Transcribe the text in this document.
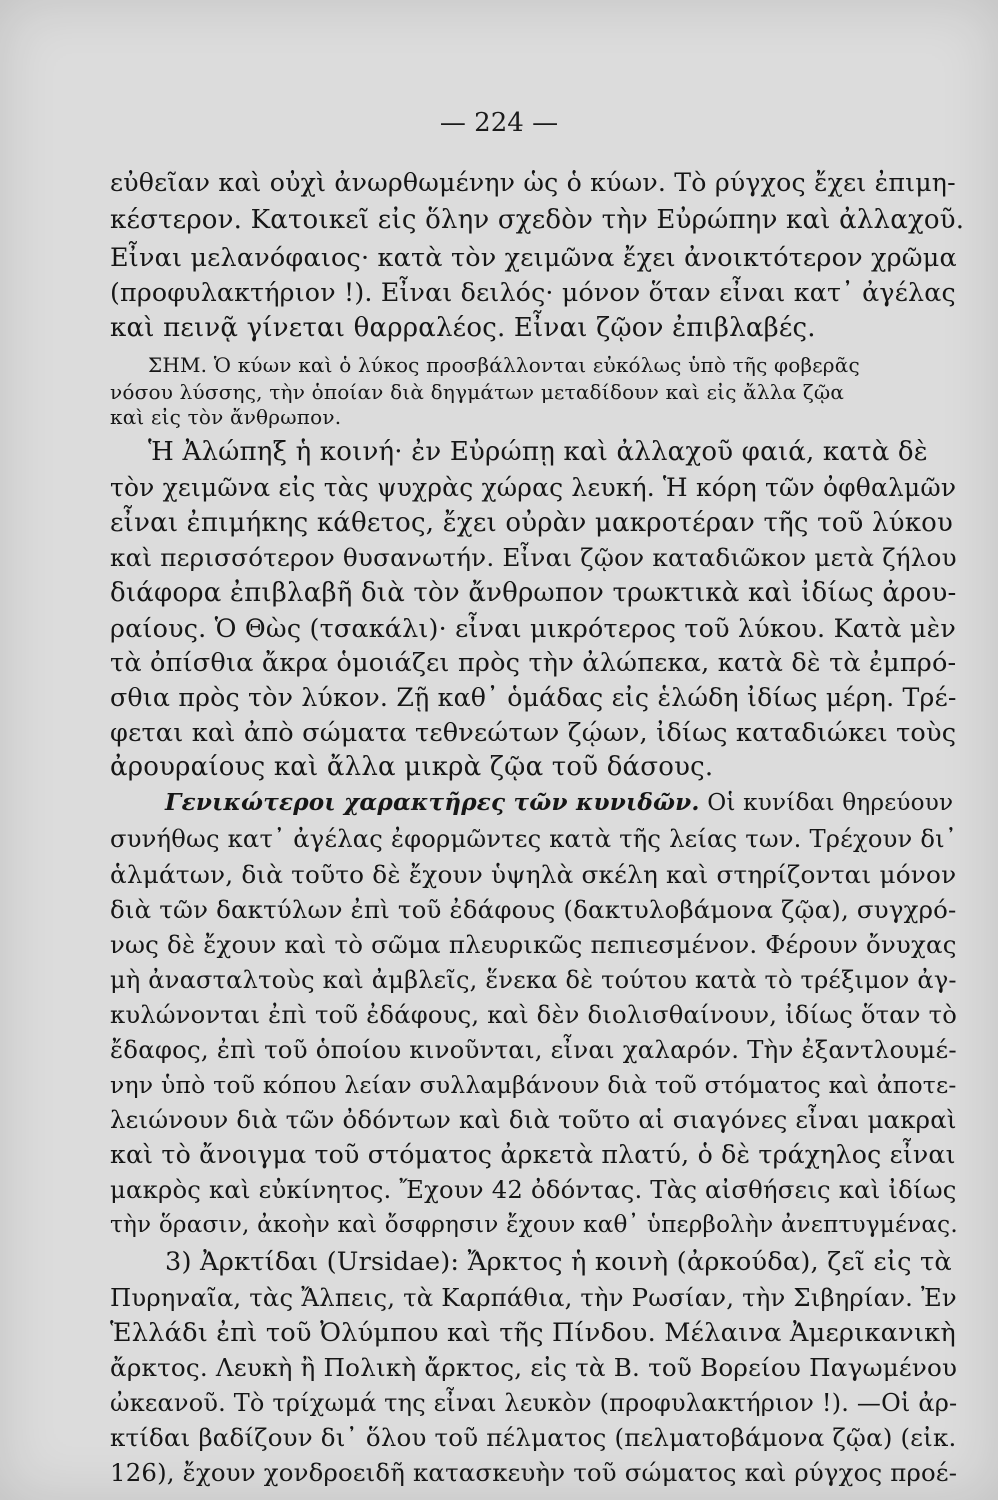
— 224 —
εὐθεῖαν καὶ οὐχὶ ἀνωρθωμένην ὡς ὁ κύων. Τὸ ρύγχος ἔχει ἐπιμη-
κέστερον. Κατοικεῖ εἰς ὅλην σχεδὸν τὴν Εὐρώπην καὶ ἀλλαχοῦ.
Εἶναι μελανόφαιος· κατὰ τὸν χειμῶνα ἔχει ἀνοικτότερον χρῶμα
(προφυλακτήριον !). Εἶναι δειλός· μόνον ὅταν εἶναι κατ᾿ ἀγέλας
καὶ πεινᾷ γίνεται θαρραλέος. Εἶναι ζῷον ἐπιβλαβές.
ΣΗΜ. Ὁ κύων καὶ ὁ λύκος προσβάλλονται εὐκόλως ὑπὸ τῆς φοβερᾶς
νόσου λύσσης, τὴν ὁποίαν διὰ δηγμάτων μεταδίδουν καὶ εἰς ἄλλα ζῷα
καὶ εἰς τὸν ἄνθρωπον.
Ἡ Ἀλώπηξ ἡ κοινή· ἐν Εὐρώπῃ καὶ ἀλλαχοῦ φαιά, κατὰ δὲ
τὸν χειμῶνα εἰς τὰς ψυχρὰς χώρας λευκή. Ἡ κόρη τῶν ὀφθαλμῶν
εἶναι ἐπιμήκης κάθετος, ἔχει οὐρὰν μακροτέραν τῆς τοῦ λύκου
καὶ περισσότερον θυσανωτήν. Εἶναι ζῷον καταδιῶκον μετὰ ζήλου
διάφορα ἐπιβλαβῆ διὰ τὸν ἄνθρωπον τρωκτικὰ καὶ ἰδίως ἀρου-
ραίους. Ὁ Θὼς (τσακάλι)· εἶναι μικρότερος τοῦ λύκου. Κατὰ μὲν
τὰ ὀπίσθια ἄκρα ὁμοιάζει πρὸς τὴν ἀλώπεκα, κατὰ δὲ τὰ ἐμπρό-
σθια πρὸς τὸν λύκον. Ζῇ καθ᾿ ὁμάδας εἰς ἑλώδη ἰδίως μέρη. Τρέ-
φεται καὶ ἀπὸ σώματα τεθνεώτων ζῴων, ἰδίως καταδιώκει τοὺς
ἀρουραίους καὶ ἄλλα μικρὰ ζῷα τοῦ δάσους.
Γενικώτεροι χαρακτῆρες τῶν κυνιδῶν. Οἱ κυνίδαι θηρεύουν
συνήθως κατ᾿ ἀγέλας ἐφορμῶντες κατὰ τῆς λείας των. Τρέχουν δι᾿
ἁλμάτων, διὰ τοῦτο δὲ ἔχουν ὑψηλὰ σκέλη καὶ στηρίζονται μόνον
διὰ τῶν δακτύλων ἐπὶ τοῦ ἐδάφους (δακτυλοβάμονα ζῷα), συγχρό-
νως δὲ ἔχουν καὶ τὸ σῶμα πλευρικῶς πεπιεσμένον. Φέρουν ὄνυχας
μὴ ἀνασταλτοὺς καὶ ἀμβλεῖς, ἕνεκα δὲ τούτου κατὰ τὸ τρέξιμον ἀγ-
κυλώνονται ἐπὶ τοῦ ἐδάφους, καὶ δὲν διολισθαίνουν, ἰδίως ὅταν τὸ
ἔδαφος, ἐπὶ τοῦ ὁποίου κινοῦνται, εἶναι χαλαρόν. Τὴν ἐξαντλουμέ-
νην ὑπὸ τοῦ κόπου λείαν συλλαμβάνουν διὰ τοῦ στόματος καὶ ἀποτε-
λειώνουν διὰ τῶν ὀδόντων καὶ διὰ τοῦτο αἱ σιαγόνες εἶναι μακραὶ
καὶ τὸ ἄνοιγμα τοῦ στόματος ἀρκετὰ πλατύ, ὁ δὲ τράχηλος εἶναι
μακρὸς καὶ εὐκίνητος. Ἔχουν 42 ὀδόντας. Τὰς αἰσθήσεις καὶ ἰδίως
τὴν ὅρασιν, ἀκοὴν καὶ ὄσφρησιν ἔχουν καθ᾿ ὑπερβολὴν ἀνεπτυγμένας.
3) Ἀρκτίδαι (Ursidae): Ἄρκτος ἡ κοινὴ (ἀρκούδα), ζεῖ εἰς τὰ
Πυρηναῖα, τὰς Ἄλπεις, τὰ Καρπάθια, τὴν Ρωσίαν, τὴν Σιβηρίαν. Ἐν
Ἑλλάδι ἐπὶ τοῦ Ὀλύμπου καὶ τῆς Πίνδου. Μέλαινα Ἀμερικανικὴ
ἄρκτος. Λευκὴ ἢ Πολικὴ ἄρκτος, εἰς τὰ Β. τοῦ Βορείου Παγωμένου
ὠκεανοῦ. Τὸ τρίχωμά της εἶναι λευκὸν (προφυλακτήριον !). —Οἱ ἀρ-
κτίδαι βαδίζουν δι᾿ ὅλου τοῦ πέλματος (πελματοβάμονα ζῷα) (εἰκ.
126), ἔχουν χονδροειδῆ κατασκευὴν τοῦ σώματος καὶ ρύγχος προέ-
